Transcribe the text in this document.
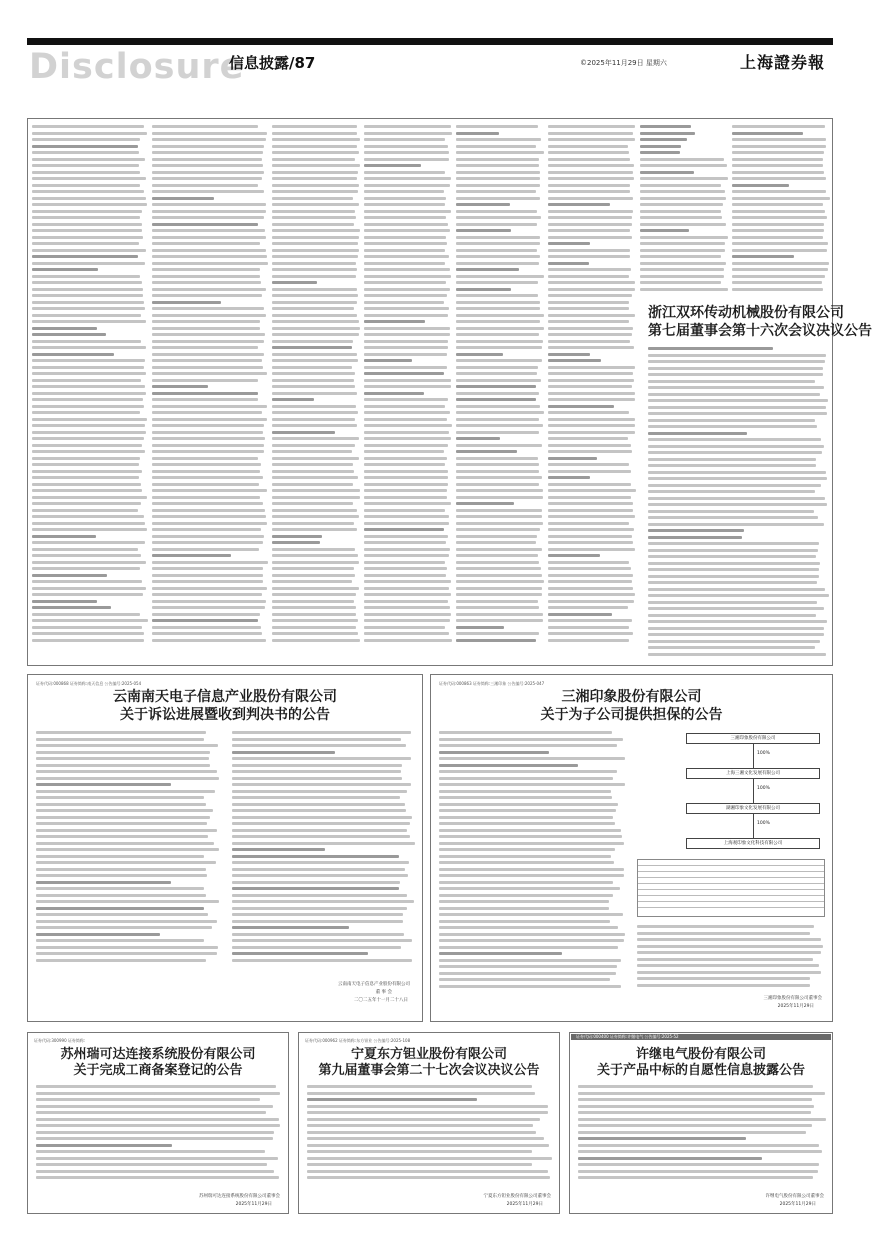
Disclosure
信息披露/87	©2025年11月29日 星期六	上海證券報
浙江双环传动机械股份有限公司
第七届董事会第十六次会议决议公告
证券代码:000868 证券简称:南天信息 公告编号:2025-054
云南南天电子信息产业股份有限公司
关于诉讼进展暨收到判决书的公告
云南南天电子信息产业股份有限公司
董 事 会
二〇二五年十一月二十八日
证券代码:000863 证券简称:三湘印象 公告编号:2025-047
三湘印象股份有限公司
关于为子公司提供担保的公告
三湘印象股份有限公司
100%
上海三湘文化发展有限公司
100%
湖湘印象文化发展有限公司
100%
上海观印象文化科技有限公司
三湘印象股份有限公司董事会
2025年11月29日
证券代码:300990 证券简称:
苏州瑞可达连接系统股份有限公司
关于完成工商备案登记的公告
苏州瑞可达连接系统股份有限公司董事会
2025年11月29日
证券代码:000962 证券简称:东方钽业 公告编号:2025-108
宁夏东方钽业股份有限公司
第九届董事会第二十七次会议决议公告
宁夏东方钽业股份有限公司董事会
2025年11月29日
证券代码:000400 证券简称:许继电气 公告编号:2025-52
许继电气股份有限公司
关于产品中标的自愿性信息披露公告
许继电气股份有限公司董事会
2025年11月29日
